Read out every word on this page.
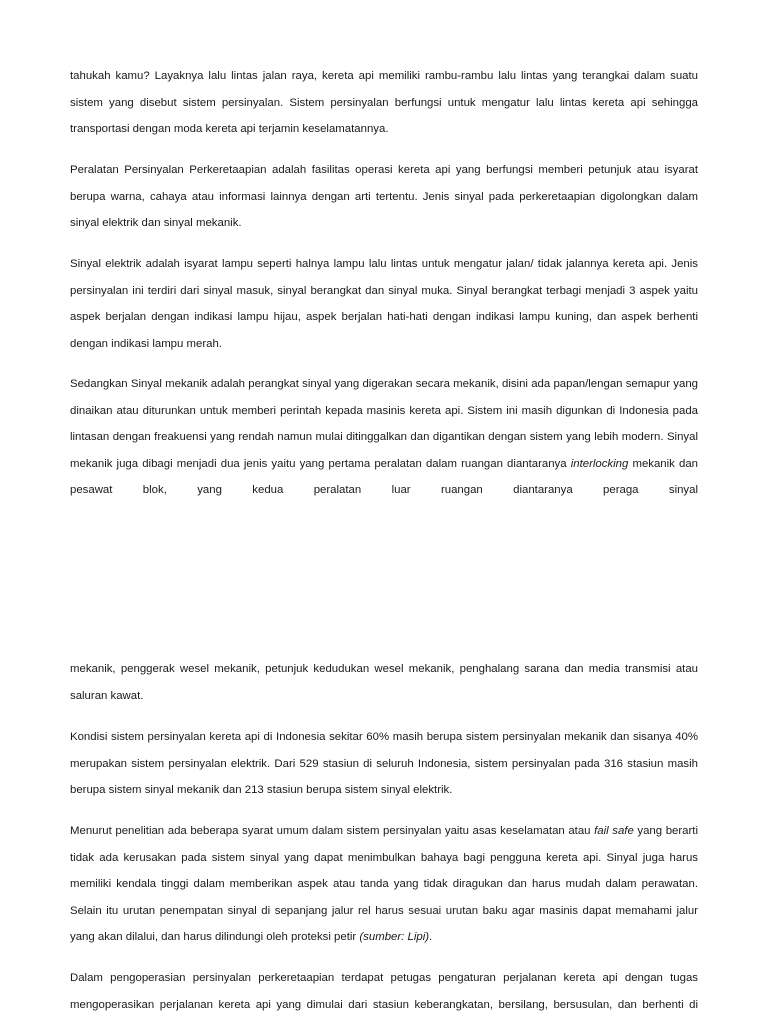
tahukah kamu? Layaknya lalu lintas jalan raya, kereta api memiliki rambu-rambu lalu lintas yang terangkai dalam suatu sistem yang disebut sistem persinyalan. Sistem persinyalan berfungsi untuk mengatur lalu lintas kereta api sehingga transportasi dengan moda kereta api terjamin keselamatannya.

Peralatan Persinyalan Perkeretaapian adalah fasilitas operasi kereta api yang berfungsi memberi petunjuk atau isyarat berupa warna, cahaya atau informasi lainnya dengan arti tertentu. Jenis sinyal pada perkeretaapian digolongkan dalam sinyal elektrik dan sinyal mekanik.

Sinyal elektrik adalah isyarat lampu seperti halnya lampu lalu lintas untuk mengatur jalan/ tidak jalannya kereta api. Jenis persinyalan ini terdiri dari sinyal masuk, sinyal berangkat dan sinyal muka. Sinyal berangkat terbagi menjadi 3 aspek yaitu aspek berjalan dengan indikasi lampu hijau, aspek berjalan hati-hati dengan indikasi lampu kuning, dan aspek berhenti dengan indikasi lampu merah.

Sedangkan Sinyal mekanik adalah perangkat sinyal yang digerakan secara mekanik, disini ada papan/lengan semapur yang dinaikan atau diturunkan untuk memberi perintah kepada masinis kereta api. Sistem ini masih digunkan di Indonesia pada lintasan dengan freakuensi yang rendah namun mulai ditinggalkan dan digantikan dengan sistem yang lebih modern. Sinyal mekanik juga dibagi menjadi dua jenis yaitu yang pertama peralatan dalam ruangan diantaranya interlocking mekanik dan pesawat blok, yang kedua peralatan luar ruangan diantaranya peraga sinyal

mekanik, penggerak wesel mekanik, petunjuk kedudukan wesel mekanik, penghalang sarana dan media transmisi atau saluran kawat.

Kondisi sistem persinyalan kereta api di Indonesia sekitar 60% masih berupa sistem persinyalan mekanik dan sisanya 40% merupakan sistem persinyalan elektrik. Dari 529 stasiun di seluruh Indonesia, sistem persinyalan pada 316 stasiun masih berupa sistem sinyal mekanik dan 213 stasiun berupa sistem sinyal elektrik.

Menurut penelitian ada beberapa syarat umum dalam sistem persinyalan yaitu asas keselamatan atau fail safe yang berarti tidak ada kerusakan pada sistem sinyal yang dapat menimbulkan bahaya bagi pengguna kereta api. Sinyal juga harus memiliki kendala tinggi dalam memberikan aspek atau tanda yang tidak diragukan dan harus mudah dalam perawatan. Selain itu urutan penempatan sinyal di sepanjang jalur rel harus sesuai urutan baku agar masinis dapat memahami jalur yang akan dilalui, dan harus dilindungi oleh proteksi petir (sumber: Lipi).

Dalam pengoperasian persinyalan perkeretaapian terdapat petugas pengaturan perjalanan kereta api dengan tugas mengoperasikan perjalanan kereta api yang dimulai dari stasiun keberangkatan, bersilang, bersusulan, dan berhenti di
